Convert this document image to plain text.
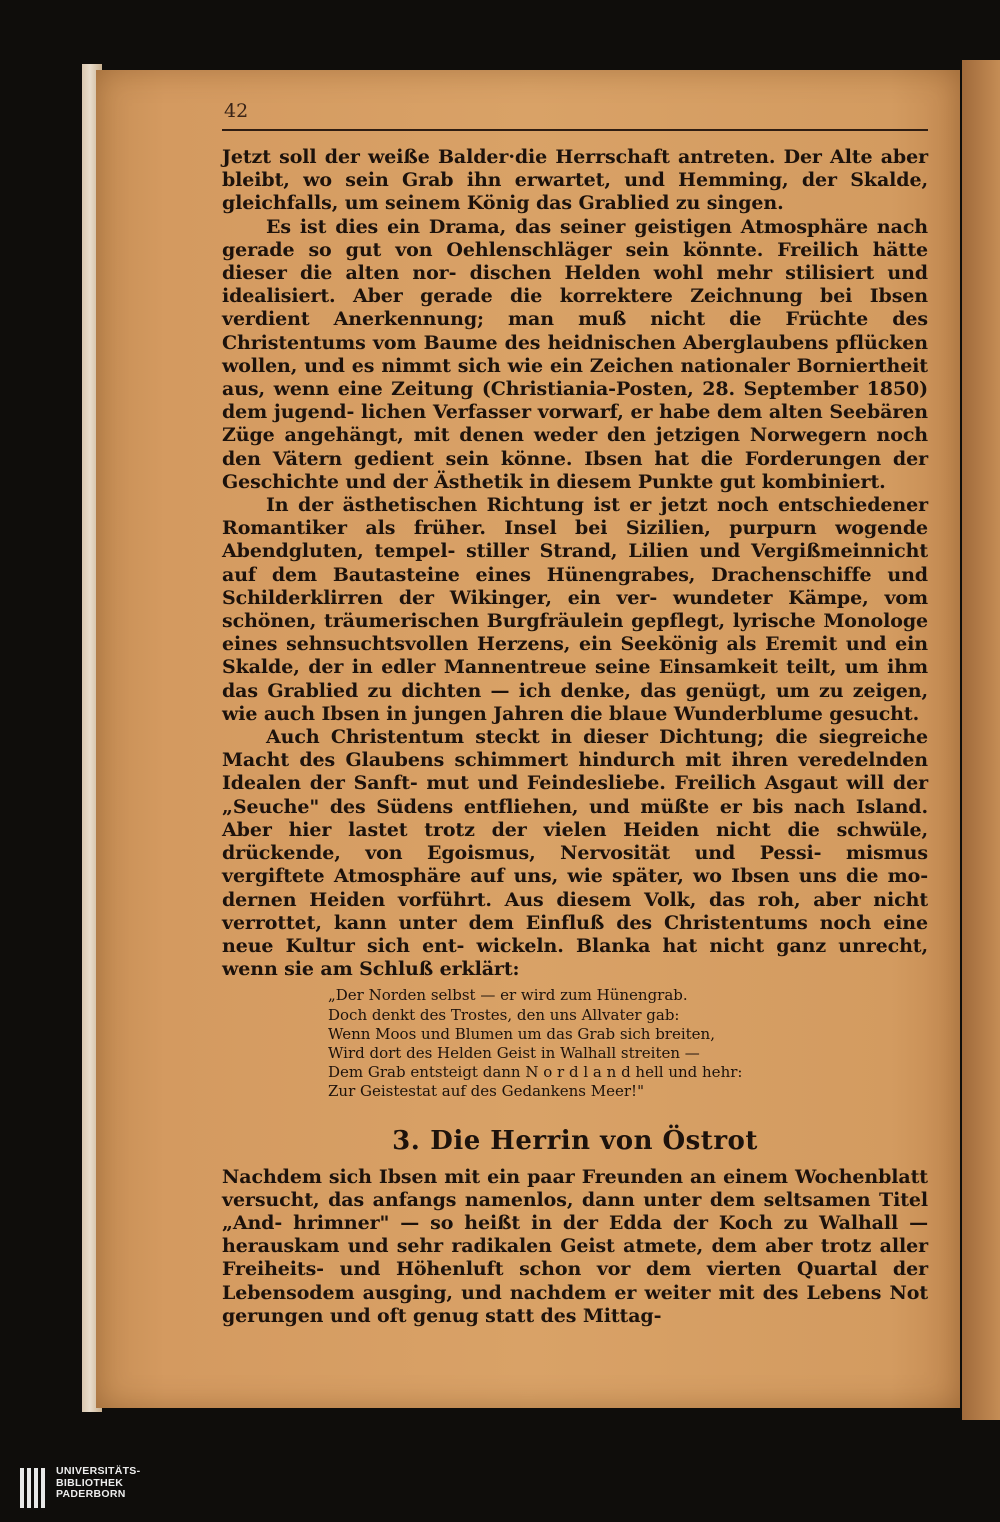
42

Jetzt soll der weiße Balder·die Herrschaft antreten. Der Alte aber bleibt, wo sein Grab ihn erwartet, und Hemming, der Skalde, gleichfalls, um seinem König das Grablied zu singen.

Es ist dies ein Drama, das seiner geistigen Atmosphäre nach gerade so gut von Oehlenschläger sein könnte. Freilich hätte dieser die alten nor- dischen Helden wohl mehr stilisiert und idealisiert. Aber gerade die korrektere Zeichnung bei Ibsen verdient Anerkennung; man muß nicht die Früchte des Christentums vom Baume des heidnischen Aberglaubens pflücken wollen, und es nimmt sich wie ein Zeichen nationaler Borniertheit aus, wenn eine Zeitung (Christiania-Posten, 28. September 1850) dem jugend- lichen Verfasser vorwarf, er habe dem alten Seebären Züge angehängt, mit denen weder den jetzigen Norwegern noch den Vätern gedient sein könne. Ibsen hat die Forderungen der Geschichte und der Ästhetik in diesem Punkte gut kombiniert.

In der ästhetischen Richtung ist er jetzt noch entschiedener Romantiker als früher. Insel bei Sizilien, purpurn wogende Abendgluten, tempel- stiller Strand, Lilien und Vergißmeinnicht auf dem Bautasteine eines Hünengrabes, Drachenschiffe und Schilderklirren der Wikinger, ein ver- wundeter Kämpe, vom schönen, träumerischen Burgfräulein gepflegt, lyrische Monologe eines sehnsuchtsvollen Herzens, ein Seekönig als Eremit und ein Skalde, der in edler Mannentreue seine Einsamkeit teilt, um ihm das Grablied zu dichten — ich denke, das genügt, um zu zeigen, wie auch Ibsen in jungen Jahren die blaue Wunderblume gesucht.

Auch Christentum steckt in dieser Dichtung; die siegreiche Macht des Glaubens schimmert hindurch mit ihren veredelnden Idealen der Sanft- mut und Feindesliebe. Freilich Asgaut will der „Seuche" des Südens entfliehen, und müßte er bis nach Island. Aber hier lastet trotz der vielen Heiden nicht die schwüle, drückende, von Egoismus, Nervosität und Pessi- mismus vergiftete Atmosphäre auf uns, wie später, wo Ibsen uns die mo- dernen Heiden vorführt. Aus diesem Volk, das roh, aber nicht verrottet, kann unter dem Einfluß des Christentums noch eine neue Kultur sich ent- wickeln. Blanka hat nicht ganz unrecht, wenn sie am Schluß erklärt:

„Der Norden selbst — er wird zum Hünengrab.
Doch denkt des Trostes, den uns Allvater gab:
Wenn Moos und Blumen um das Grab sich breiten,
Wird dort des Helden Geist in Walhall streiten —
Dem Grab entsteigt dann N o r d l a n d hell und hehr:
Zur Geistestat auf des Gedankens Meer!"
3. Die Herrin von Östrot

Nachdem sich Ibsen mit ein paar Freunden an einem Wochenblatt versucht, das anfangs namenlos, dann unter dem seltsamen Titel „And- hrimner" — so heißt in der Edda der Koch zu Walhall — herauskam und sehr radikalen Geist atmete, dem aber trotz aller Freiheits- und Höhenluft schon vor dem vierten Quartal der Lebensodem ausging, und nachdem er weiter mit des Lebens Not gerungen und oft genug statt des Mittag-

UNIVERSITÄTS-
BIBLIOTHEK
PADERBORN
